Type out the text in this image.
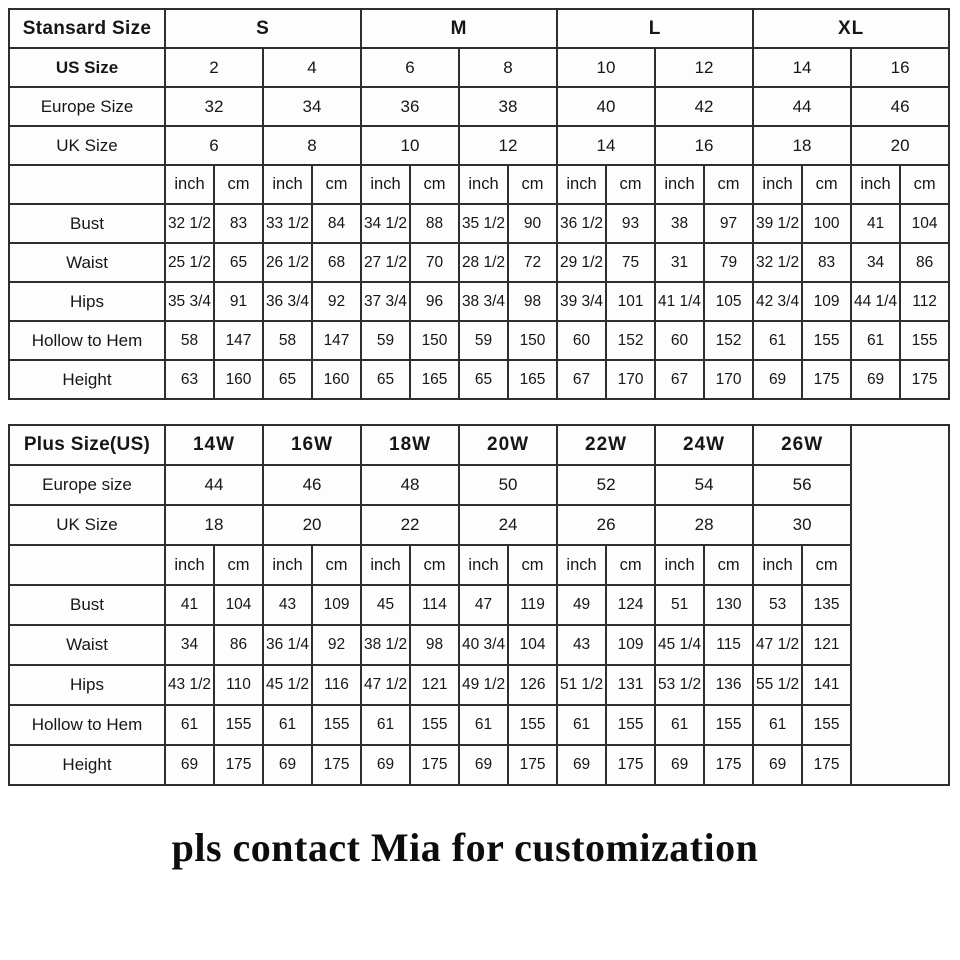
Stansard Size	S				M				L				XL			
US Size	2		4		6		8		10		12		14		16	
Europe Size	32		34		36		38		40		42		44		46	
UK Size	6		8		10		12		14		16		18		20	
	inch	cm	inch	cm	inch	cm	inch	cm	inch	cm	inch	cm	inch	cm	inch	cm
Bust	32 1/2	83	33 1/2	84	34 1/2	88	35 1/2	90	36 1/2	93	38	97	39 1/2	100	41	104
Waist	25 1/2	65	26 1/2	68	27 1/2	70	28 1/2	72	29 1/2	75	31	79	32 1/2	83	34	86
Hips	35 3/4	91	36 3/4	92	37 3/4	96	38 3/4	98	39 3/4	101	41 1/4	105	42 3/4	109	44 1/4	112
Hollow to Hem	58	147	58	147	59	150	59	150	60	152	60	152	61	155	61	155
Height	63	160	65	160	65	165	65	165	67	170	67	170	69	175	69	175
Plus Size(US)	14W		16W		18W		20W		22W		24W		26W		
Europe size	44		46		48		50		52		54		56		
UK Size	18		20		22		24		26		28		30		
	inch	cm	inch	cm	inch	cm	inch	cm	inch	cm	inch	cm	inch	cm	
Bust	41	104	43	109	45	114	47	119	49	124	51	130	53	135	
Waist	34	86	36 1/4	92	38 1/2	98	40 3/4	104	43	109	45 1/4	115	47 1/2	121	
Hips	43 1/2	110	45 1/2	116	47 1/2	121	49 1/2	126	51 1/2	131	53 1/2	136	55 1/2	141	
Hollow to Hem	61	155	61	155	61	155	61	155	61	155	61	155	61	155	
Height	69	175	69	175	69	175	69	175	69	175	69	175	69	175	
pls contact Mia for customization
